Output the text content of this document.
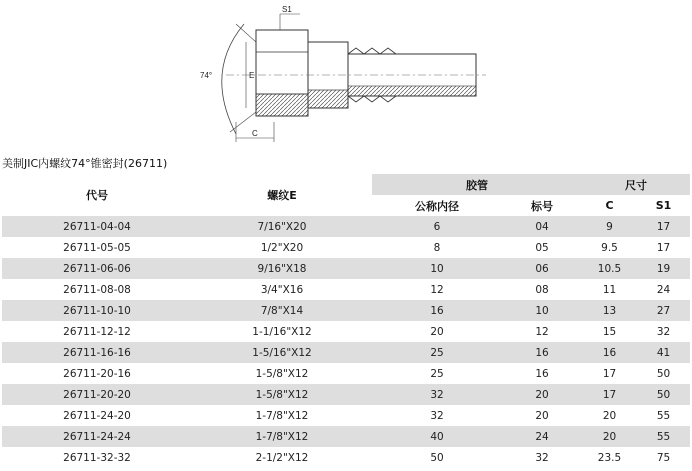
S1
E
74°
C
美制JIC内螺纹74°锥密封(26711)
代号	螺纹E	胶管		尺寸	
		公称内径	标号	C	S1
26711-04-04	7/16"X20	6	04	9	17
26711-05-05	1/2"X20	8	05	9.5	17
26711-06-06	9/16"X18	10	06	10.5	19
26711-08-08	3/4"X16	12	08	11	24
26711-10-10	7/8"X14	16	10	13	27
26711-12-12	1-1/16"X12	20	12	15	32
26711-16-16	1-5/16"X12	25	16	16	41
26711-20-16	1-5/8"X12	25	16	17	50
26711-20-20	1-5/8"X12	32	20	17	50
26711-24-20	1-7/8"X12	32	20	20	55
26711-24-24	1-7/8"X12	40	24	20	55
26711-32-32	2-1/2"X12	50	32	23.5	75
